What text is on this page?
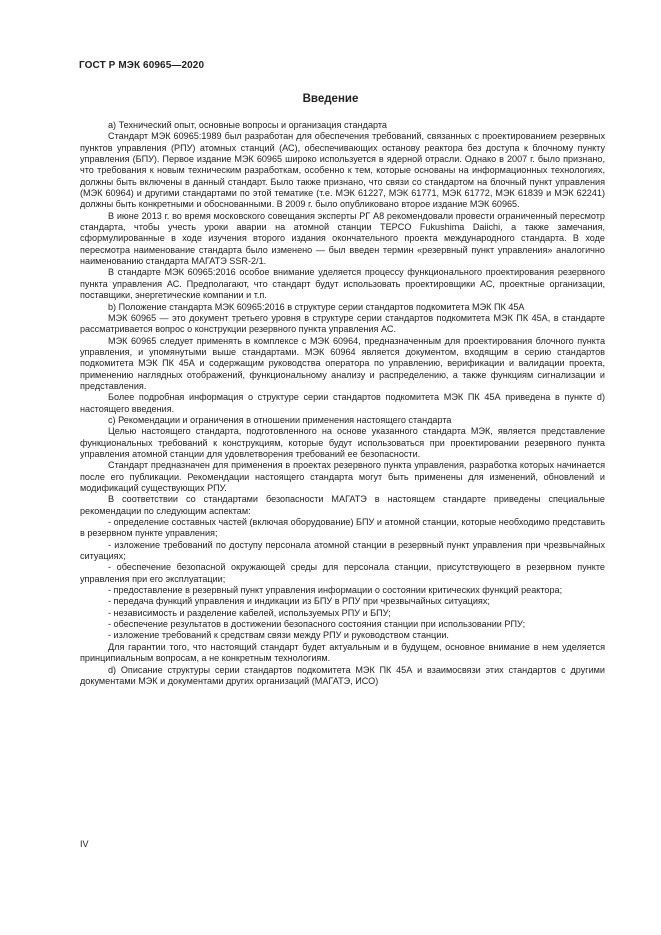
ГОСТ Р МЭК 60965—2020
Введение

а) Технический опыт, основные вопросы и организация стандарта

Стандарт МЭК 60965:1989 был разработан для обеспечения требований, связанных с проектированием резервных пунктов управления (РПУ) атомных станций (АС), обеспечивающих останову реактора без доступа к блочному пункту управления (БПУ). Первое издание МЭК 60965 широко используется в ядерной отрасли. Однако в 2007 г. было признано, что требования к новым техническим разработкам, особенно к тем, которые основаны на информационных технологиях, должны быть включены в данный стандарт. Было также признано, что связи со стандартом на блочный пункт управления (МЭК 60964) и другими стандартами по этой тематике (т.е. МЭК 61227, МЭК 61771, МЭК 61772, МЭК 61839 и МЭК 62241) должны быть конкретными и обоснованными. В 2009 г. было опубликовано второе издание МЭК 60965.

В июне 2013 г. во время московского совещания эксперты РГ А8 рекомендовали провести ограниченный пересмотр стандарта, чтобы учесть уроки аварии на атомной станции TEPCO Fukushima Daiichi, а также замечания, сформулированные в ходе изучения второго издания окончательного проекта международного стандарта. В ходе пересмотра наименование стандарта было изменено — был введен термин «резервный пункт управления» аналогично наименованию стандарта МАГАТЭ SSR-2/1.

В стандарте МЭК 60965:2016 особое внимание уделяется процессу функционального проектирования резервного пункта управления АС. Предполагают, что стандарт будут использовать проектировщики АС, проектные организации, поставщики, энергетические компании и т.п.

b) Положение стандарта МЭК 60965:2016 в структуре серии стандартов подкомитета МЭК ПК 45А

МЭК 60965 — это документ третьего уровня в структуре серии стандартов подкомитета МЭК ПК 45А, в стандарте рассматривается вопрос о конструкции резервного пункта управления АС.

МЭК 60965 следует применять в комплексе с МЭК 60964, предназначенным для проектирования блочного пункта управления, и упомянутыми выше стандартами. МЭК 60964 является документом, входящим в серию стандартов подкомитета МЭК ПК 45А и содержащим руководства оператора по управлению, верификации и валидации проекта, применению наглядных отображений, функциональному анализу и распределению, а также функциям сигнализации и представления.

Более подробная информация о структуре серии стандартов подкомитета МЭК ПК 45А приведена в пункте d) настоящего введения.

с) Рекомендации и ограничения в отношении применения настоящего стандарта

Целью настоящего стандарта, подготовленного на основе указанного стандарта МЭК, является представление функциональных требований к конструкциям, которые будут использоваться при проектировании резервного пункта управления атомной станции для удовлетворения требований ее безопасности.

Стандарт предназначен для применения в проектах резервного пункта управления, разработка которых начинается после его публикации. Рекомендации настоящего стандарта могут быть применены для изменений, обновлений и модификаций существующих РПУ.

В соответствии со стандартами безопасности МАГАТЭ в настоящем стандарте приведены специальные рекомендации по следующим аспектам:

- определение составных частей (включая оборудование) БПУ и атомной станции, которые необходимо представить в резервном пункте управления;

- изложение требований по доступу персонала атомной станции в резервный пункт управления при чрезвычайных ситуациях;

- обеспечение безопасной окружающей среды для персонала станции, присутствующего в резервном пункте управления при его эксплуатации;

- предоставление в резервный пункт управления информации о состоянии критических функций реактора;

- передача функций управления и индикации из БПУ в РПУ при чрезвычайных ситуациях;

- независимость и разделение кабелей, используемых РПУ и БПУ;

- обеспечение результатов в достижении безопасного состояния станции при использовании РПУ;

- изложение требований к средствам связи между РПУ и руководством станции.

Для гарантии того, что настоящий стандарт будет актуальным и в будущем, основное внимание в нем уделяется принципиальным вопросам, а не конкретным технологиям.

d) Описание структуры серии стандартов подкомитета МЭК ПК 45А и взаимосвязи этих стандартов с другими документами МЭК и документами других организаций (МАГАТЭ, ИСО)

IV
